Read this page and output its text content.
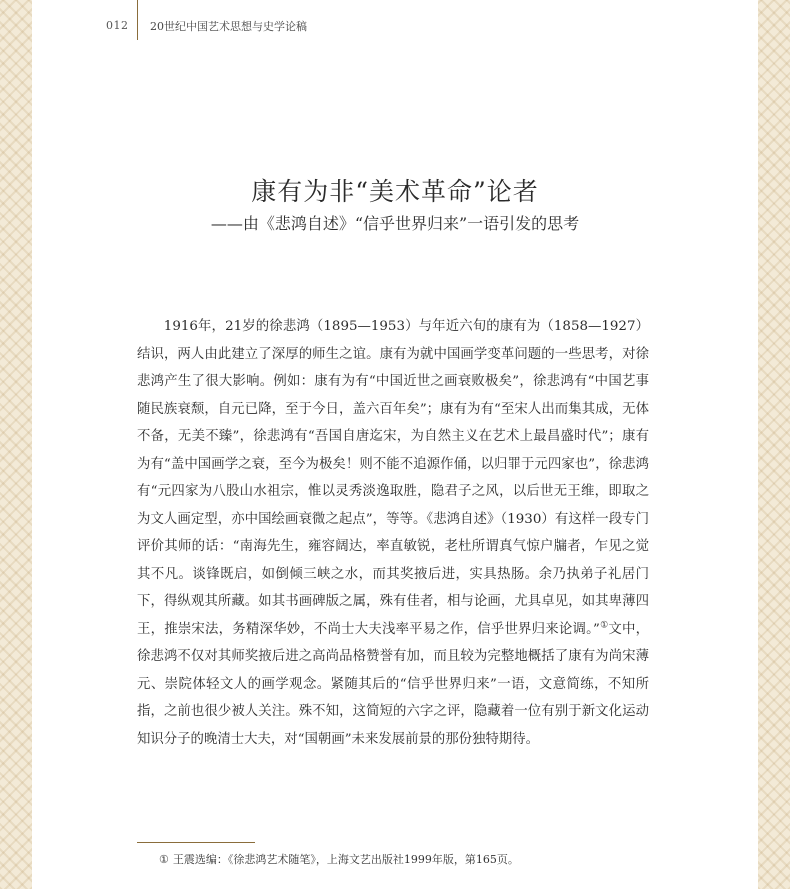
012 20世纪中国艺术思想与史学论稿
康有为非“美术革命”论者
——由《悲鸿自述》“信乎世界归来”一语引发的思考

1916年，21岁的徐悲鸿（1895—1953）与年近六旬的康有为（1858—1927）结识，两人由此建立了深厚的师生之谊。康有为就中国画学变革问题的一些思考，对徐悲鸿产生了很大影响。例如：康有为有“中国近世之画衰败极矣”，徐悲鸿有“中国艺事随民族衰颓，自元已降，至于今日，盖六百年矣”；康有为有“至宋人出而集其成，无体不备，无美不臻”，徐悲鸿有“吾国自唐迄宋，为自然主义在艺术上最昌盛时代”；康有为有“盖中国画学之衰，至今为极矣！则不能不追源作俑，以归罪于元四家也”，徐悲鸿有“元四家为八股山水祖宗，惟以灵秀淡逸取胜，隐君子之风，以后世无王维，即取之为文人画定型，亦中国绘画衰微之起点”，等等。《悲鸿自述》（1930）有这样一段专门评价其师的话：“南海先生，雍容阔达，率直敏锐，老杜所谓真气惊户牖者，乍见之觉其不凡。谈锋既启，如倒倾三峡之水，而其奖掖后进，实具热肠。余乃执弟子礼居门下，得纵观其所藏。如其书画碑版之属，殊有佳者，相与论画，尤具卓见，如其卑薄四王，推崇宋法，务精深华妙，不尚士大夫浅率平易之作，信乎世界归来论调。”①文中，徐悲鸿不仅对其师奖掖后进之高尚品格赞誉有加，而且较为完整地概括了康有为尚宋薄元、崇院体轻文人的画学观念。紧随其后的“信乎世界归来”一语，文意简练，不知所指，之前也很少被人关注。殊不知，这简短的六字之评，隐藏着一位有别于新文化运动知识分子的晚清士大夫，对“国朝画”未来发展前景的那份独特期待。

① 王震选编：《徐悲鸿艺术随笔》，上海文艺出版社1999年版，第165页。
